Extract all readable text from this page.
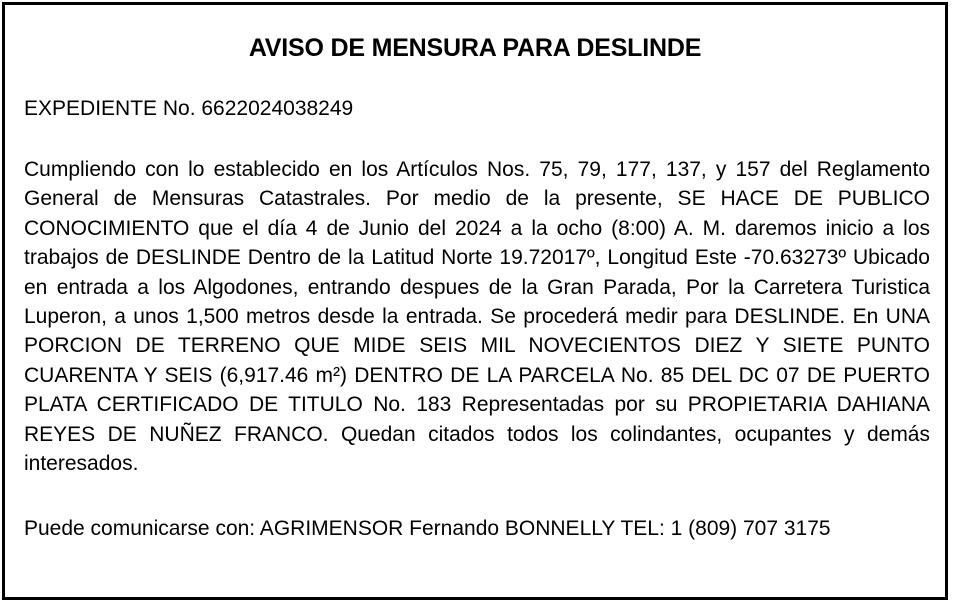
AVISO DE MENSURA PARA DESLINDE
EXPEDIENTE No. 6622024038249

Cumpliendo con lo establecido en los Artículos Nos. 75, 79, 177, 137, y 157 del Reglamento General de Mensuras Catastrales. Por medio de la presente, SE HACE DE PUBLICO CONOCIMIENTO que el día 4 de Junio del 2024 a la ocho (8:00) A. M. daremos inicio a los trabajos de DESLINDE Dentro de la Latitud Norte 19.72017º, Longitud Este -70.63273º Ubicado en entrada a los Algodones, entrando despues de la Gran Parada, Por la Carretera Turistica Luperon, a unos 1,500 metros desde la entrada. Se procederá medir para DESLINDE. En UNA PORCION DE TERRENO QUE MIDE SEIS MIL NOVECIENTOS DIEZ Y SIETE PUNTO CUARENTA Y SEIS (6,917.46 m²) DENTRO DE LA PARCELA No. 85 DEL DC 07 DE PUERTO PLATA CERTIFICADO DE TITULO No. 183 Representadas por su PROPIETARIA DAHIANA REYES DE NUÑEZ FRANCO. Quedan citados todos los colindantes, ocupantes y demás interesados.

Puede comunicarse con: AGRIMENSOR Fernando BONNELLY TEL: 1 (809) 707 3175
